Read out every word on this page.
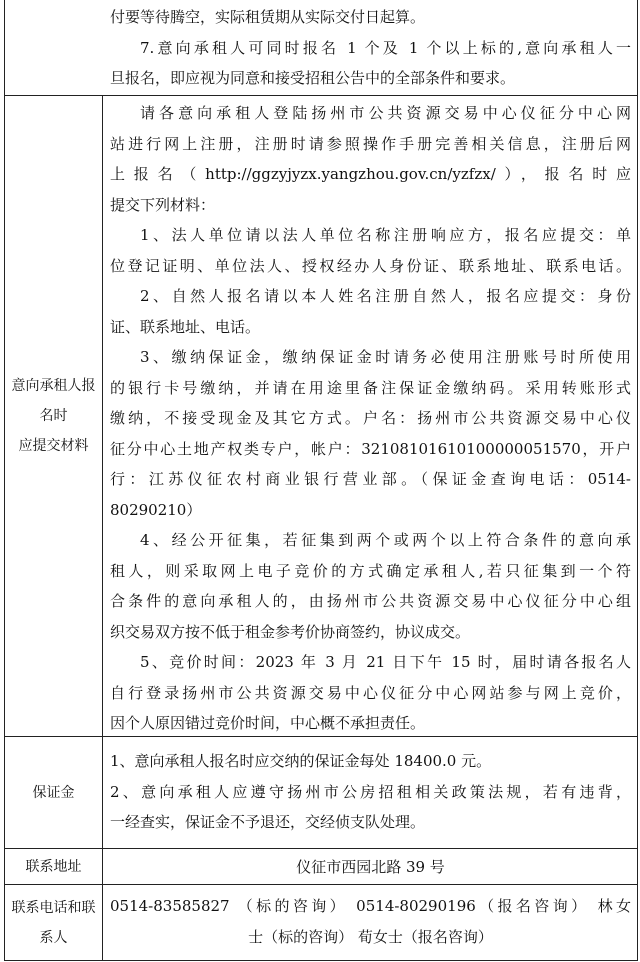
付要等待腾空，实际租赁期从实际交付日起算。
7.意向承租人可同时报名 1 个及 1 个以上标的,意向承租人一
旦报名，即应视为同意和接受招租公告中的全部条件和要求。
意向承租人报
名时
应提交材料
请各意向承租人登陆扬州市公共资源交易中心仪征分中心网
站进行网上注册，注册时请参照操作手册完善相关信息，注册后网
上报名（http://ggzyjyzx.yangzhou.gov.cn/yzfzx/），报名时应
提交下列材料：
1、法人单位请以法人单位名称注册响应方，报名应提交：单
位登记证明、单位法人、授权经办人身份证、联系地址、联系电话。
2、自然人报名请以本人姓名注册自然人，报名应提交：身份
证、联系地址、电话。
3、缴纳保证金，缴纳保证金时请务必使用注册账号时所使用
的银行卡号缴纳，并请在用途里备注保证金缴纳码。采用转账形式
缴纳，不接受现金及其它方式。户名：扬州市公共资源交易中心仪
征分中心土地产权类专户，帐户：32108101610100000051570，开户
行：江苏仪征农村商业银行营业部。（保证金查询电话：0514-
80290210）
4、经公开征集，若征集到两个或两个以上符合条件的意向承
租人，则采取网上电子竞价的方式确定承租人,若只征集到一个符
合条件的意向承租人的，由扬州市公共资源交易中心仪征分中心组
织交易双方按不低于租金参考价协商签约，协议成交。
5、竞价时间：2023 年 3 月 21 日下午 15 时，届时请各报名人
自行登录扬州市公共资源交易中心仪征分中心网站参与网上竞价，
因个人原因错过竞价时间，中心概不承担责任。
保证金
1、意向承租人报名时应交纳的保证金每处 18400.0 元。
2、意向承租人应遵守扬州市公房招租相关政策法规，若有违背，
一经查实，保证金不予退还，交经侦支队处理。
联系地址	仪征市西园北路 39 号
联系电话和联
系人
0514-83585827 （标的咨询） 0514-80290196（报名咨询） 林女
士（标的咨询） 荀女士（报名咨询）
